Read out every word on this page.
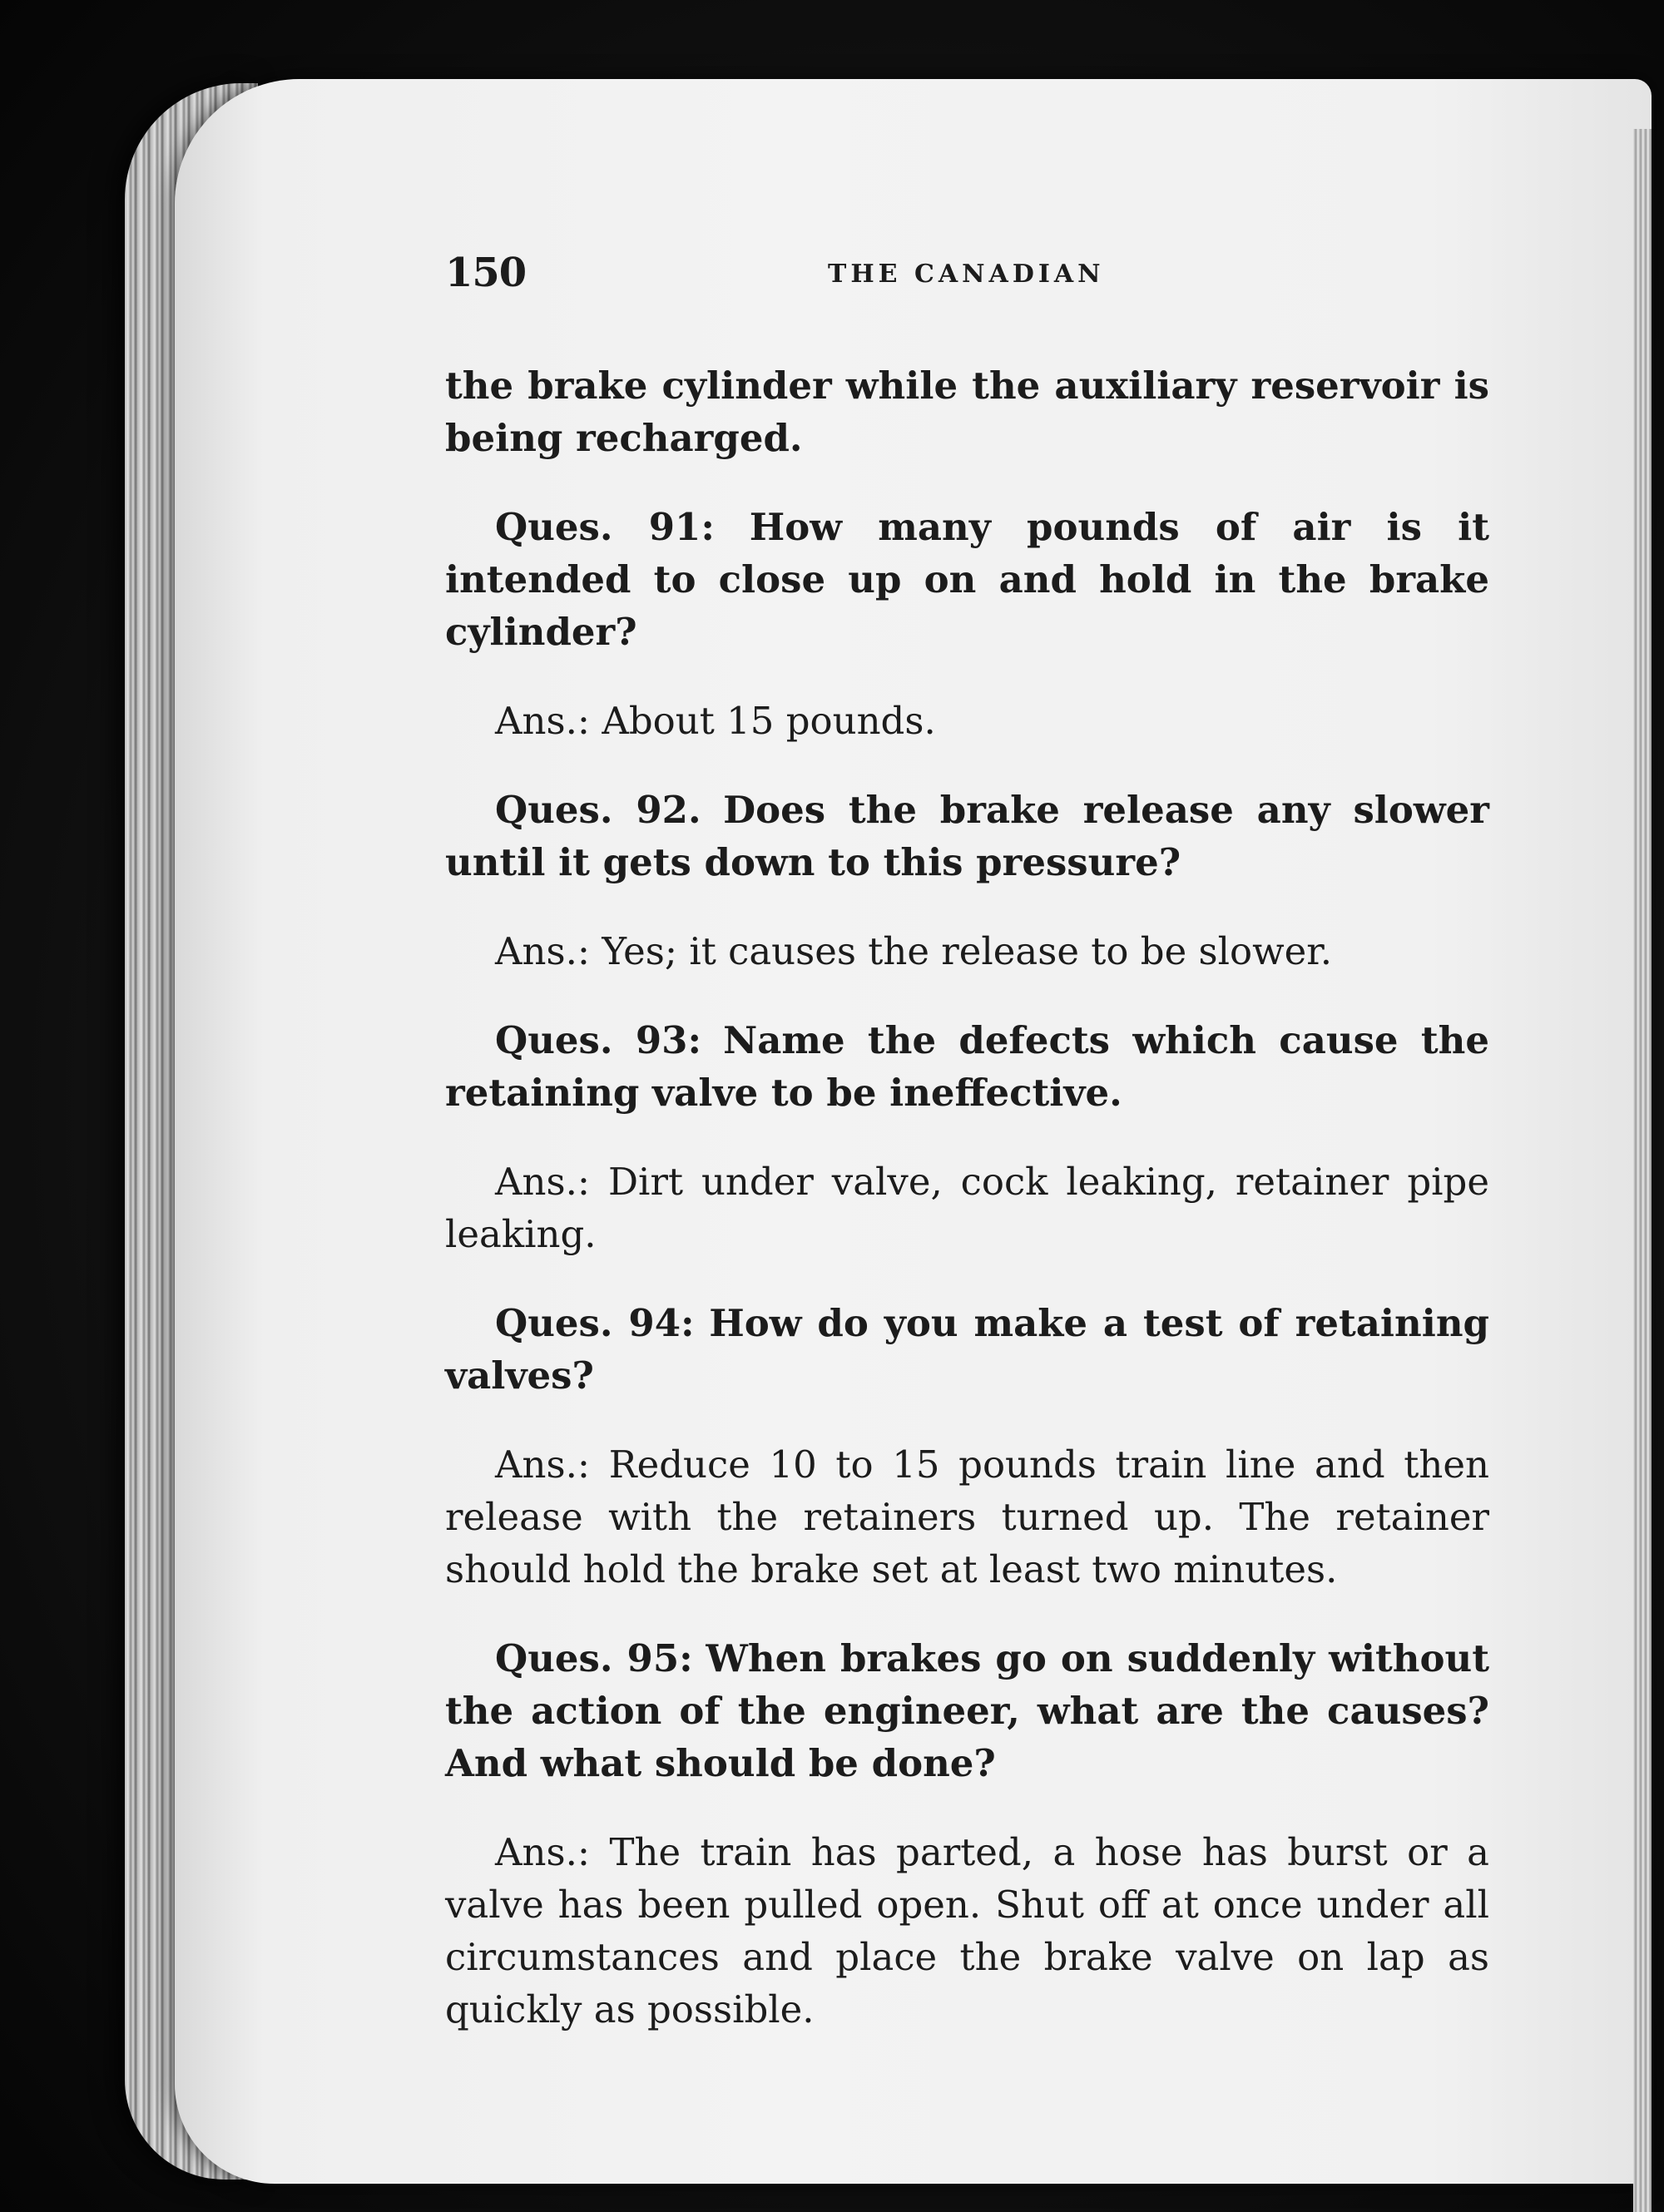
150	THE CANADIAN

the brake cylinder while the auxiliary reservoir is being recharged.

Ques. 91: How many pounds of air is it intended to close up on and hold in the brake cylinder?

Ans.: About 15 pounds.

Ques. 92. Does the brake release any slower until it gets down to this pressure?

Ans.: Yes; it causes the release to be slower.

Ques. 93: Name the defects which cause the retaining valve to be ineffective.

Ans.: Dirt under valve, cock leaking, retainer pipe leaking.

Ques. 94: How do you make a test of retaining valves?

Ans.: Reduce 10 to 15 pounds train line and then release with the retainers turned up. The retainer should hold the brake set at least two minutes.

Ques. 95: When brakes go on suddenly without the action of the engineer, what are the causes? And what should be done?

Ans.: The train has parted, a hose has burst or a valve has been pulled open. Shut off at once under all circumstances and place the brake valve on lap as quickly as possible.
